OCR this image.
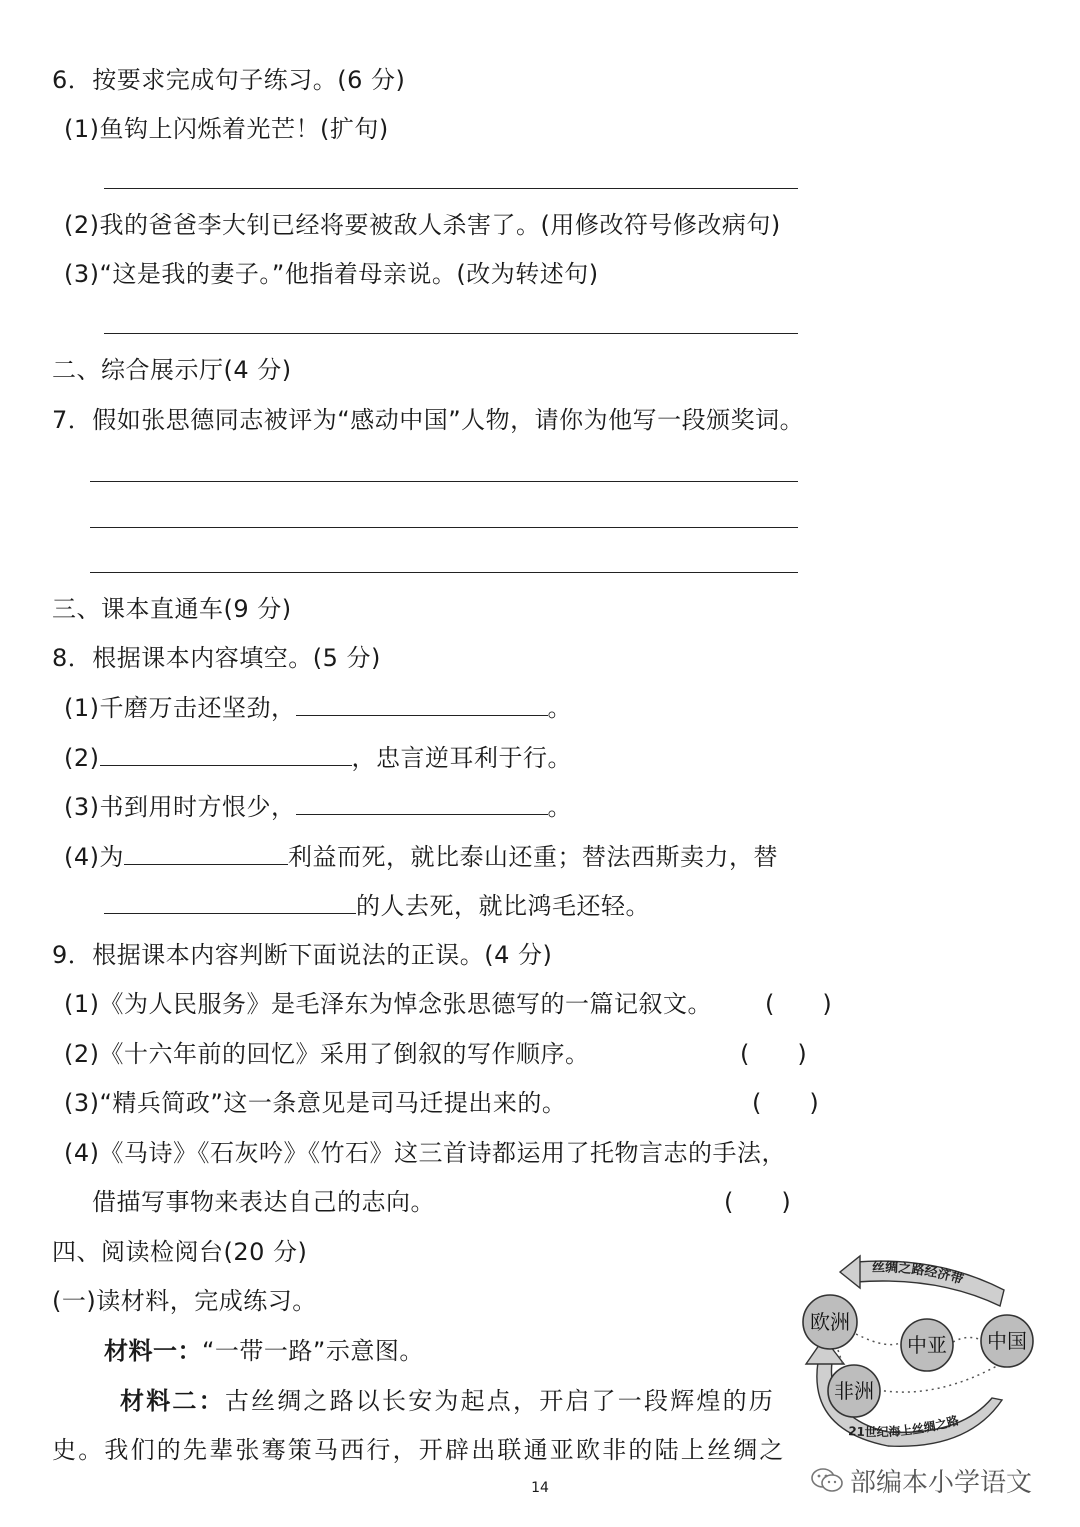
6．按要求完成句子练习。(6 分)
(1)鱼钩上闪烁着光芒！(扩句)
(2)我的爸爸李大钊已经将要被敌人杀害了。(用修改符号修改病句)
(3)“这是我的妻子。”他指着母亲说。(改为转述句)
二、综合展示厅(4 分)
7．假如张思德同志被评为“感动中国”人物，请你为他写一段颁奖词。
三、课本直通车(9 分)
8．根据课本内容填空。(5 分)
(1)千磨万击还坚劲，	。
(2)	，忠言逆耳利于行。
(3)书到用时方恨少，	。
(4)为	利益而死，就比泰山还重；替法西斯卖力，替
的人去死，就比鸿毛还轻。
9．根据课本内容判断下面说法的正误。(4 分)
(1)《为人民服务》是毛泽东为悼念张思德写的一篇记叙文。 (　　)
(2)《十六年前的回忆》采用了倒叙的写作顺序。	(　　)
(3)“精兵简政”这一条意见是司马迁提出来的。	(　　)
(4)《马诗》《石灰吟》《竹石》这三首诗都运用了托物言志的手法，
借描写事物来表达自己的志向。	(　　)
四、阅读检阅台(20 分)
(一)读材料，完成练习。
材料一：“一带一路”示意图。
材料二：古丝绸之路以长安为起点，开启了一段辉煌的历
史。我们的先辈张骞策马西行，开辟出联通亚欧非的陆上丝绸之
丝绸之路经济带
21世纪海上丝绸之路
欧洲
中亚 中国
非洲
14	部编本小学语文
